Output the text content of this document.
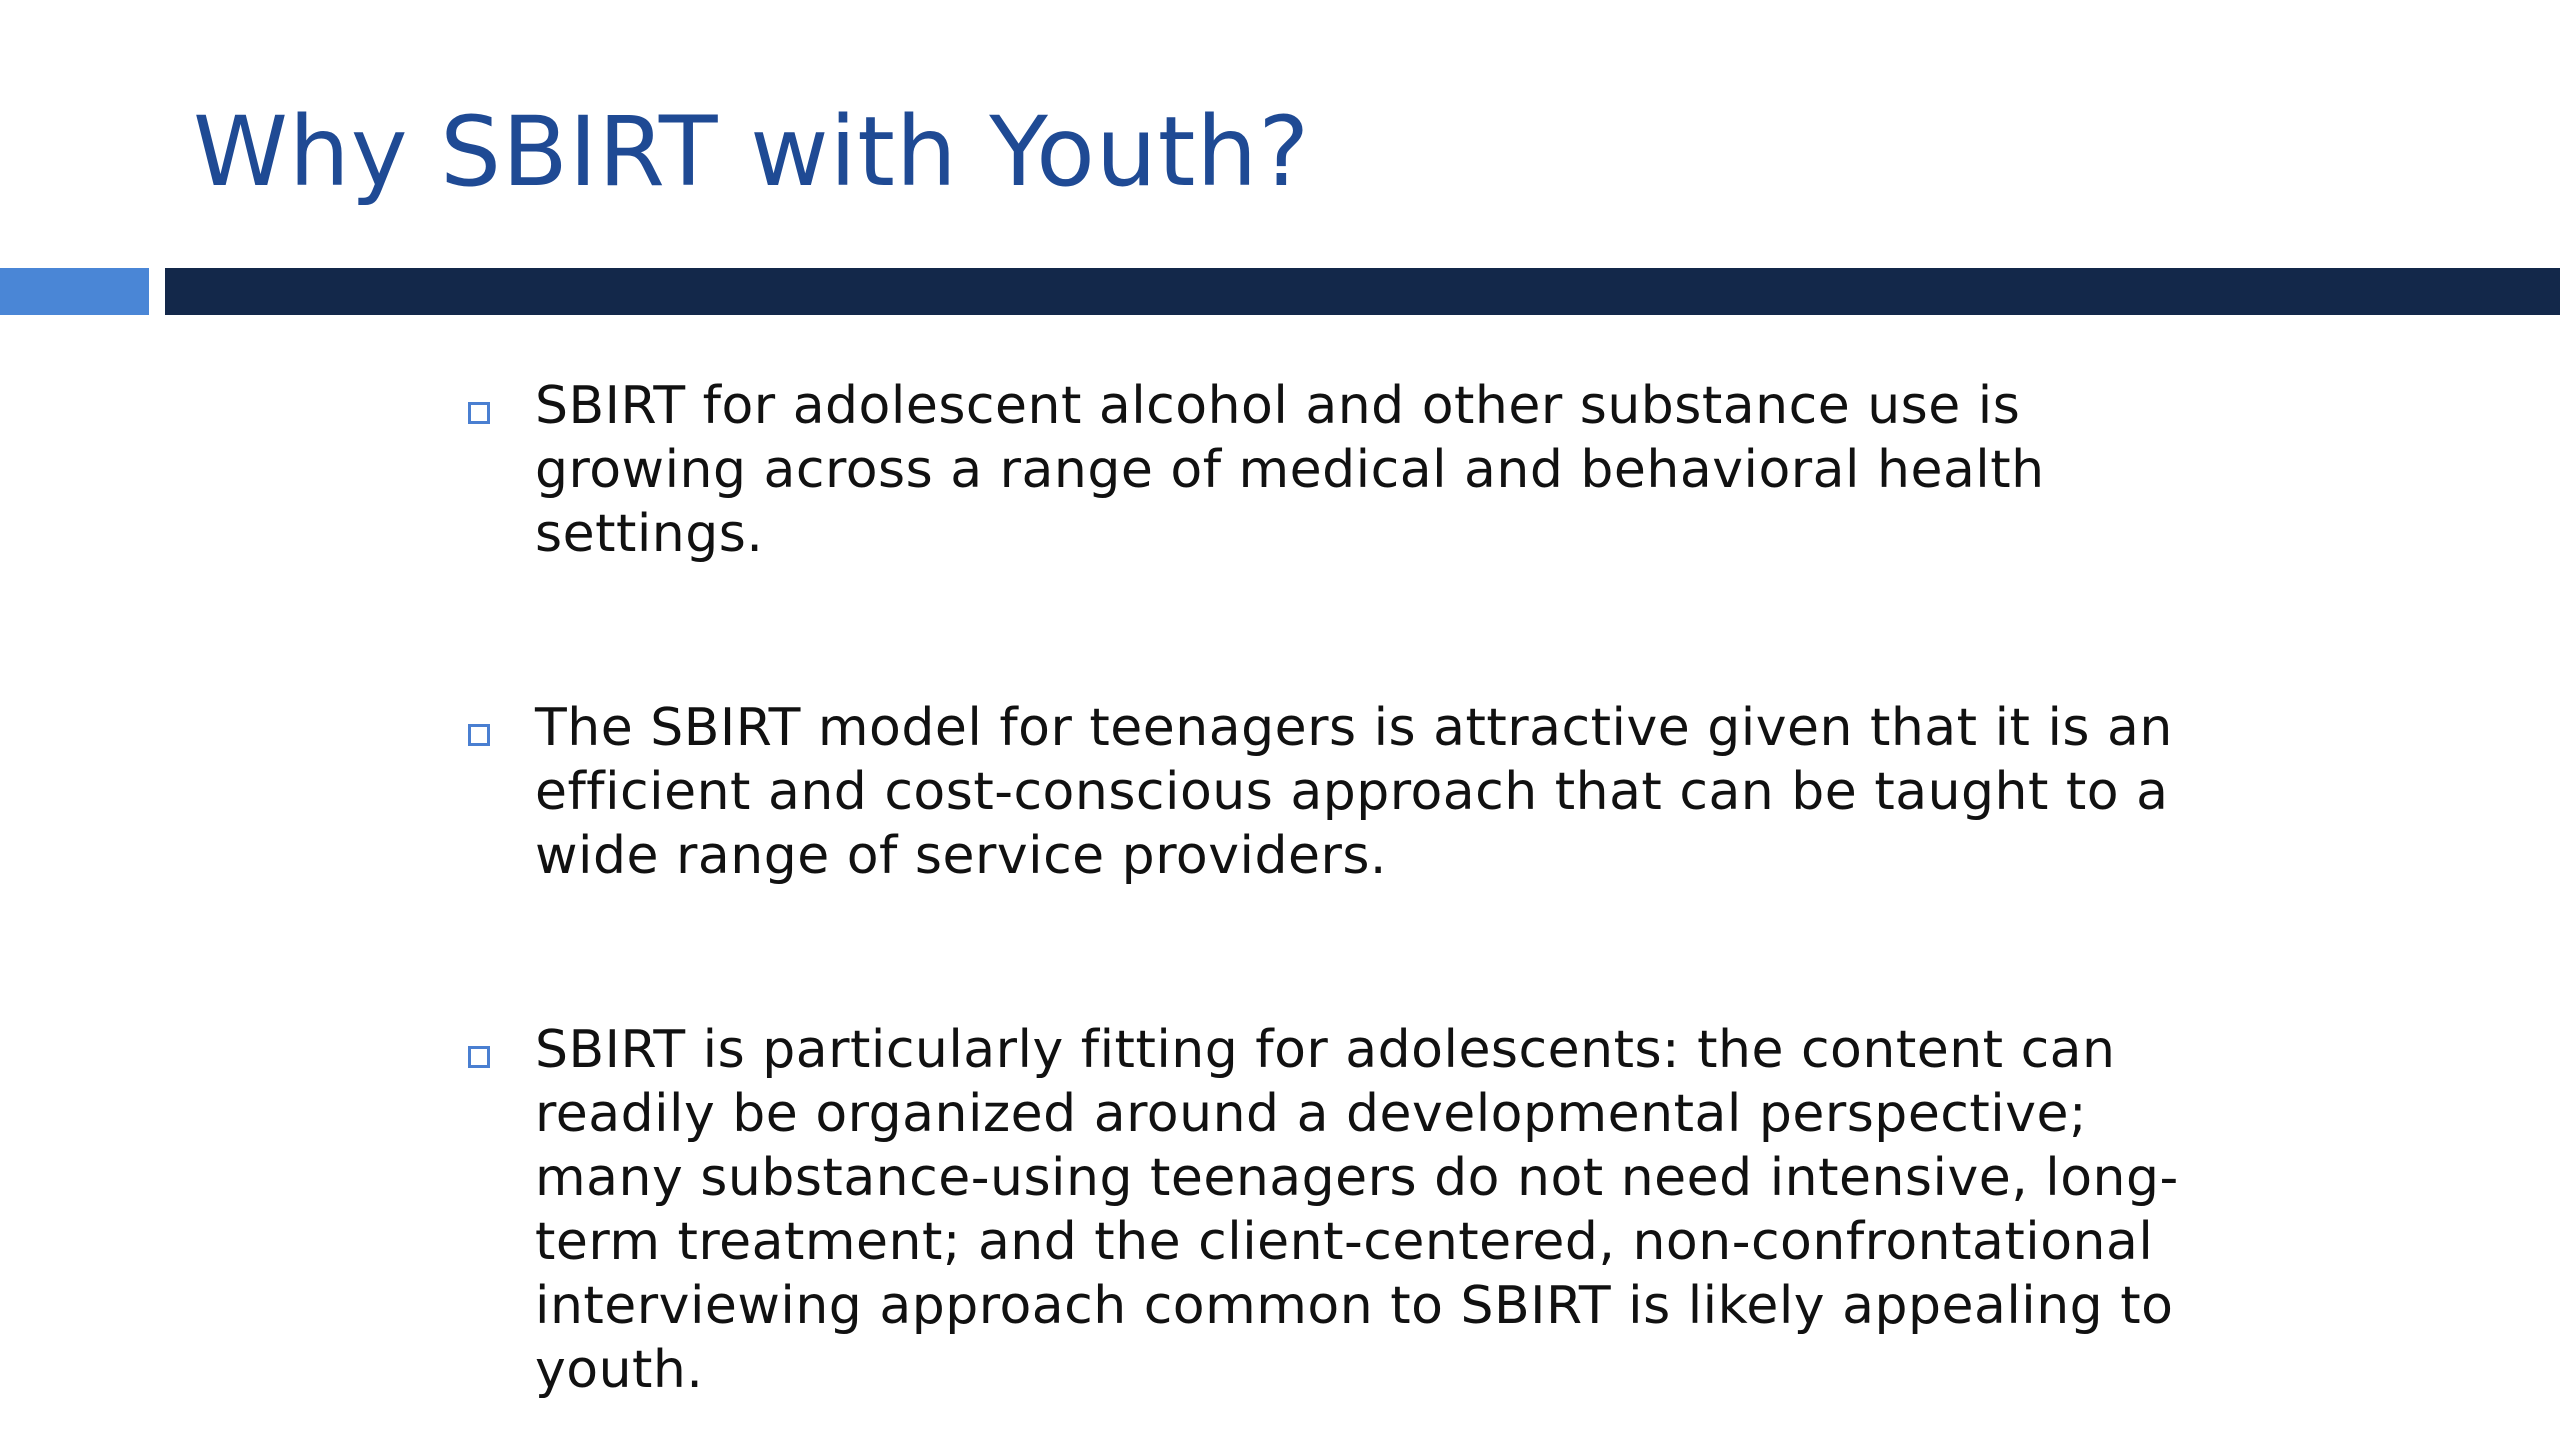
Why SBIRT with Youth?
SBIRT for adolescent alcohol and other substance use is growing across a range of medical and behavioral health settings.
The SBIRT model for teenagers is attractive given that it is an efficient and cost-conscious approach that can be taught to a wide range of service providers.
SBIRT is particularly fitting for adolescents: the content can readily be organized around a developmental perspective; many substance-using teenagers do not need intensive, long-term treatment; and the client-centered, non-confrontational interviewing approach common to SBIRT is likely appealing to youth.
